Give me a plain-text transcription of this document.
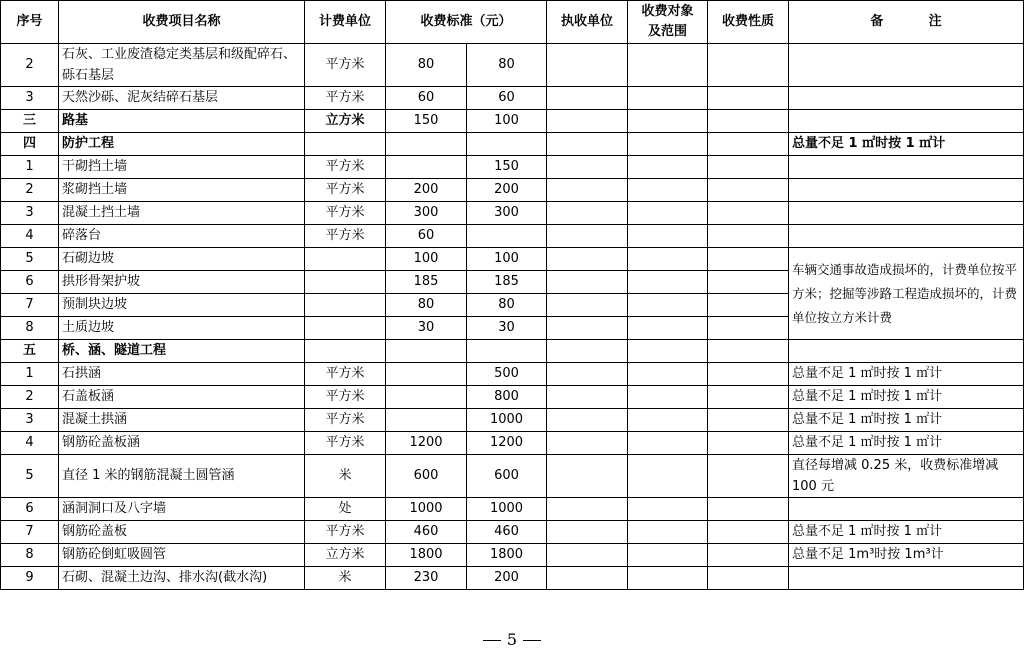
序号	收费项目名称	计费单位	收费标准（元）		执收单位	收费对象
及范围	收费性质	备          注
2	石灰、工业废渣稳定类基层和级配碎石、砾石基层	平方米	80	80				
3	天然沙砾、泥灰结碎石基层	平方米	60	60				
三	路基	立方米	150	100				
四	防护工程							总量不足 1 ㎡时按 1 ㎡计
1	干砌挡土墙	平方米		150				
2	浆砌挡土墙	平方米	200	200				
3	混凝土挡土墙	平方米	300	300				
4	碎落台	平方米	60					
5	石砌边坡		100	100				车辆交通事故造成损坏的，计费单位按平方米；挖掘等涉路工程造成损坏的，计费单位按立方米计费
6	拱形骨架护坡		185	185				
7	预制块边坡		80	80				
8	土质边坡		30	30				
五	桥、涵、隧道工程							
1	石拱涵	平方米		500				总量不足 1 ㎡时按 1 ㎡计
2	石盖板涵	平方米		800				总量不足 1 ㎡时按 1 ㎡计
3	混凝土拱涵	平方米		1000				总量不足 1 ㎡时按 1 ㎡计
4	钢筋砼盖板涵	平方米	1200	1200				总量不足 1 ㎡时按 1 ㎡计
5	直径 1 米的钢筋混凝土圆管涵	米	600	600				直径每增减 0.25 米，收费标准增减 100 元
6	涵洞洞口及八字墙	处	1000	1000				
7	钢筋砼盖板	平方米	460	460				总量不足 1 ㎡时按 1 ㎡计
8	钢筋砼倒虹吸圆管	立方米	1800	1800				总量不足 1m³时按 1m³计
9	石砌、混凝土边沟、排水沟(截水沟)	米	230	200				
5
